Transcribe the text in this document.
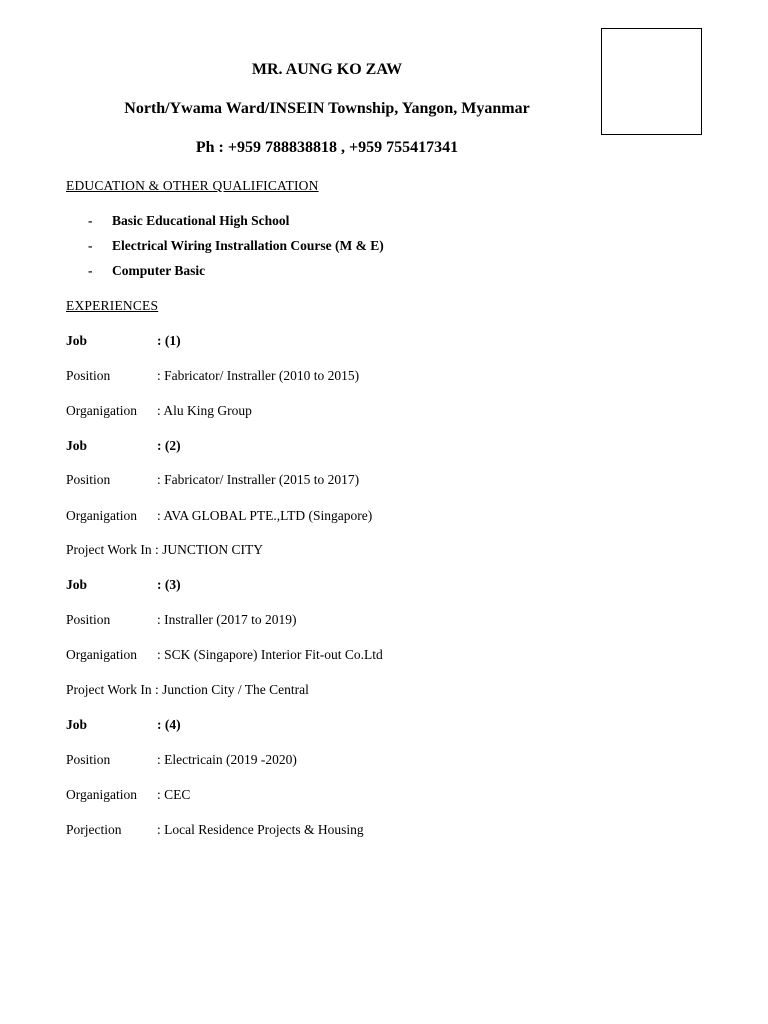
MR. AUNG KO ZAW
North/Ywama Ward/INSEIN Township, Yangon, Myanmar
Ph : +959 788838818 , +959 755417341
EDUCATION & OTHER QUALIFICATION
- Basic Educational High School
- Electrical Wiring Instrallation Course (M & E)
- Computer Basic
EXPERIENCES
Job	: (1)
Position	: Fabricator/ Instraller (2010 to 2015)
Organigation : Alu King Group
Job	: (2)
Position	: Fabricator/ Instraller (2015 to 2017)
Organigation : AVA GLOBAL PTE.,LTD (Singapore)
Project Work In : JUNCTION CITY
Job	: (3)
Position	: Instraller (2017 to 2019)
Organigation : SCK (Singapore) Interior Fit-out Co.Ltd
Project Work In : Junction City / The Central
Job	: (4)
Position	: Electricain (2019 -2020)
Organigation : CEC
Porjection	: Local Residence Projects & Housing
